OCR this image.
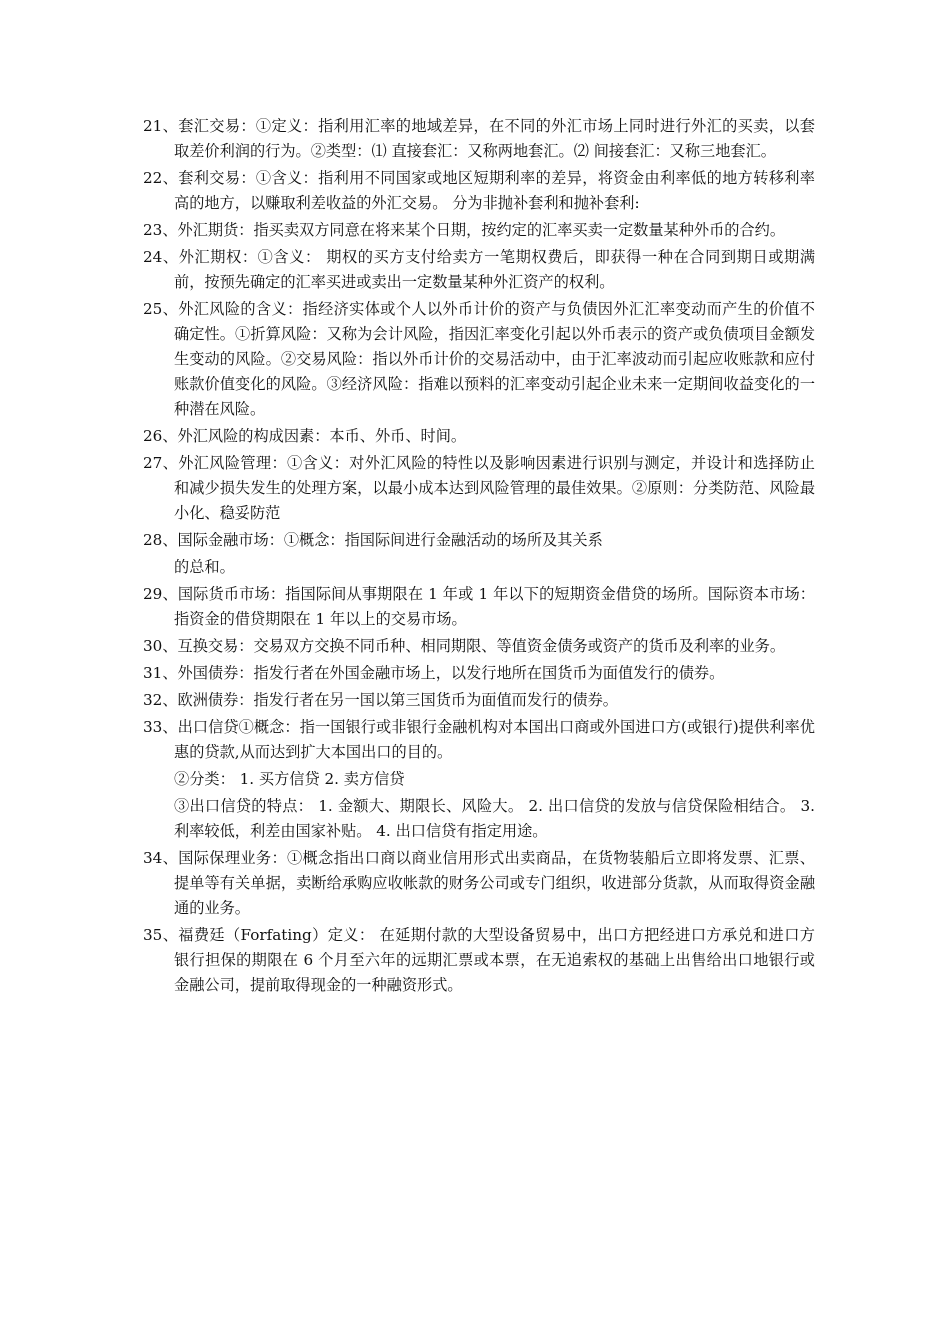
21、套汇交易：①定义：指利用汇率的地域差异，在不同的外汇市场上同时进行外汇的买卖，以套取差价利润的行为。②类型：⑴ 直接套汇：又称两地套汇。⑵ 间接套汇：又称三地套汇。

22、套利交易：①含义：指利用不同国家或地区短期利率的差异，将资金由利率低的地方转移利率高的地方，以赚取利差收益的外汇交易。 分为非抛补套利和抛补套利:

23、外汇期货：指买卖双方同意在将来某个日期，按约定的汇率买卖一定数量某种外币的合约。

24、外汇期权：①含义： 期权的买方支付给卖方一笔期权费后，即获得一种在合同到期日或期满前，按预先确定的汇率买进或卖出一定数量某种外汇资产的权利。

25、外汇风险的含义：指经济实体或个人以外币计价的资产与负债因外汇汇率变动而产生的价值不确定性。①折算风险：又称为会计风险，指因汇率变化引起以外币表示的资产或负债项目金额发生变动的风险。②交易风险：指以外币计价的交易活动中，由于汇率波动而引起应收账款和应付账款价值变化的风险。③经济风险：指难以预料的汇率变动引起企业未来一定期间收益变化的一种潜在风险。

26、外汇风险的构成因素：本币、外币、时间。

27、外汇风险管理：①含义：对外汇风险的特性以及影响因素进行识别与测定，并设计和选择防止和减少损失发生的处理方案，以最小成本达到风险管理的最佳效果。②原则：分类防范、风险最小化、稳妥防范

28、国际金融市场：①概念：指国际间进行金融活动的场所及其关系

的总和。

29、国际货币市场：指国际间从事期限在 1 年或 1 年以下的短期资金借贷的场所。国际资本市场：指资金的借贷期限在 1 年以上的交易市场。

30、互换交易：交易双方交换不同币种、相同期限、等值资金债务或资产的货币及利率的业务。

31、外国债券：指发行者在外国金融市场上，以发行地所在国货币为面值发行的债券。

32、欧洲债券：指发行者在另一国以第三国货币为面值而发行的债券。

33、出口信贷①概念：指一国银行或非银行金融机构对本国出口商或外国进口方(或银行)提供利率优惠的贷款,从而达到扩大本国出口的目的。

②分类： 1. 买方信贷 2. 卖方信贷

③出口信贷的特点： 1. 金额大、期限长、风险大。 2. 出口信贷的发放与信贷保险相结合。 3. 利率较低，利差由国家补贴。 4. 出口信贷有指定用途。

34、国际保理业务：①概念指出口商以商业信用形式出卖商品，在货物装船后立即将发票、汇票、提单等有关单据，卖断给承购应收帐款的财务公司或专门组织，收进部分货款，从而取得资金融通的业务。

35、福费廷（Forfating）定义： 在延期付款的大型设备贸易中，出口方把经进口方承兑和进口方银行担保的期限在 6 个月至六年的远期汇票或本票，在无追索权的基础上出售给出口地银行或金融公司，提前取得现金的一种融资形式。
